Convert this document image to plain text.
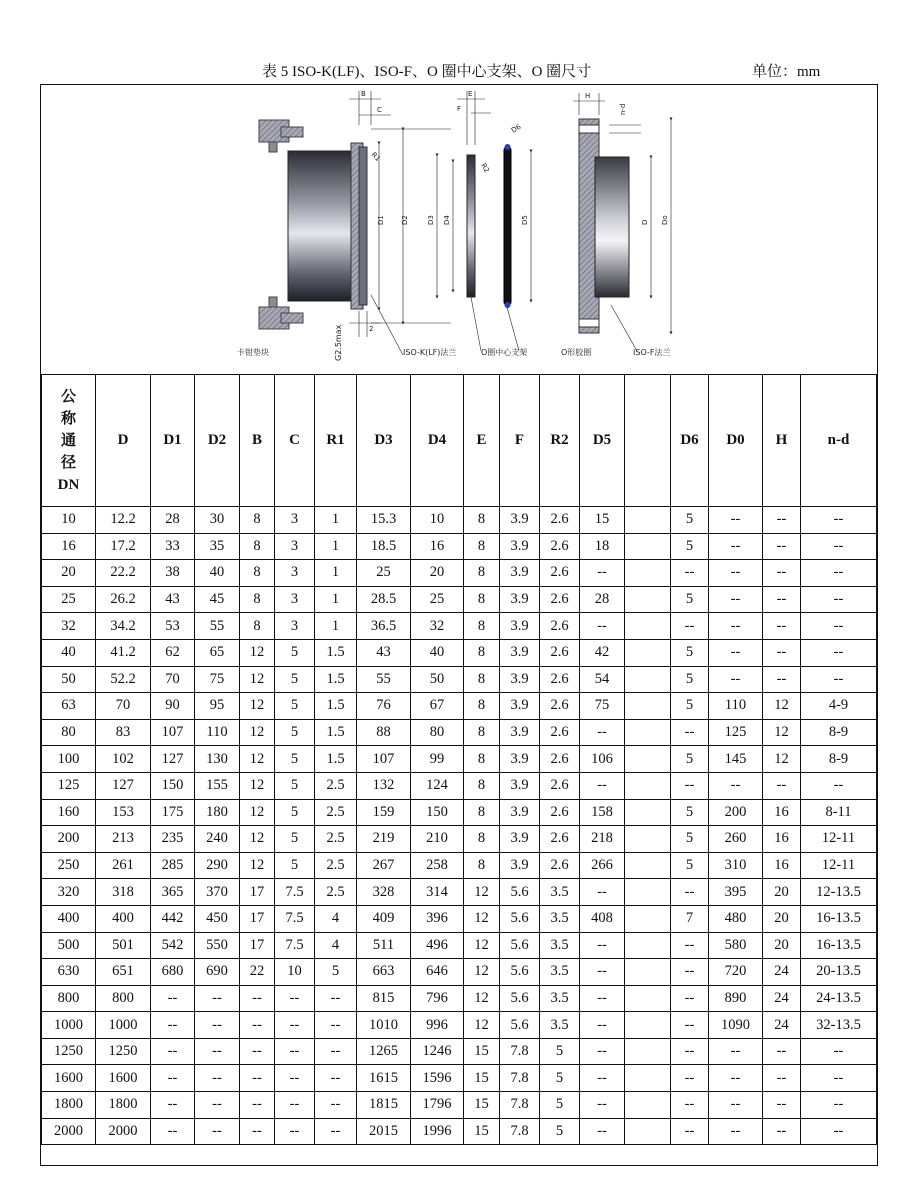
表 5 ISO-K(LF)、ISO-F、O 圈中心支架、O 圈尺寸	单位：mm
B
C
E
F
H
n-d
R1
R2
D6
D1 D2	D3 D4	D5	D Do
2
卡钳垫块	ISO-K(LF)法兰	O圈中心支架	O形胶圈	ISO-F法兰
G2.5max
公
称
通
径
DN	D	D1	D2	B	C	R1	D3	D4	E	F	R2	D5		D6	D0	H	n-d
10	12.2	28	30	8	3	1	15.3	10	8	3.9	2.6	15		5	--	--	--
16	17.2	33	35	8	3	1	18.5	16	8	3.9	2.6	18		5	--	--	--
20	22.2	38	40	8	3	1	25	20	8	3.9	2.6	--		--	--	--	--
25	26.2	43	45	8	3	1	28.5	25	8	3.9	2.6	28		5	--	--	--
32	34.2	53	55	8	3	1	36.5	32	8	3.9	2.6	--		--	--	--	--
40	41.2	62	65	12	5	1.5	43	40	8	3.9	2.6	42		5	--	--	--
50	52.2	70	75	12	5	1.5	55	50	8	3.9	2.6	54		5	--	--	--
63	70	90	95	12	5	1.5	76	67	8	3.9	2.6	75		5	110	12	4-9
80	83	107	110	12	5	1.5	88	80	8	3.9	2.6	--		--	125	12	8-9
100	102	127	130	12	5	1.5	107	99	8	3.9	2.6	106		5	145	12	8-9
125	127	150	155	12	5	2.5	132	124	8	3.9	2.6	--		--	--	--	--
160	153	175	180	12	5	2.5	159	150	8	3.9	2.6	158		5	200	16	8-11
200	213	235	240	12	5	2.5	219	210	8	3.9	2.6	218		5	260	16	12-11
250	261	285	290	12	5	2.5	267	258	8	3.9	2.6	266		5	310	16	12-11
320	318	365	370	17	7.5	2.5	328	314	12	5.6	3.5	--		--	395	20	12-13.5
400	400	442	450	17	7.5	4	409	396	12	5.6	3.5	408		7	480	20	16-13.5
500	501	542	550	17	7.5	4	511	496	12	5.6	3.5	--		--	580	20	16-13.5
630	651	680	690	22	10	5	663	646	12	5.6	3.5	--		--	720	24	20-13.5
800	800	--	--	--	--	--	815	796	12	5.6	3.5	--		--	890	24	24-13.5
1000	1000	--	--	--	--	--	1010	996	12	5.6	3.5	--		--	1090	24	32-13.5
1250	1250	--	--	--	--	--	1265	1246	15	7.8	5	--		--	--	--	--
1600	1600	--	--	--	--	--	1615	1596	15	7.8	5	--		--	--	--	--
1800	1800	--	--	--	--	--	1815	1796	15	7.8	5	--		--	--	--	--
2000	2000	--	--	--	--	--	2015	1996	15	7.8	5	--		--	--	--	--
